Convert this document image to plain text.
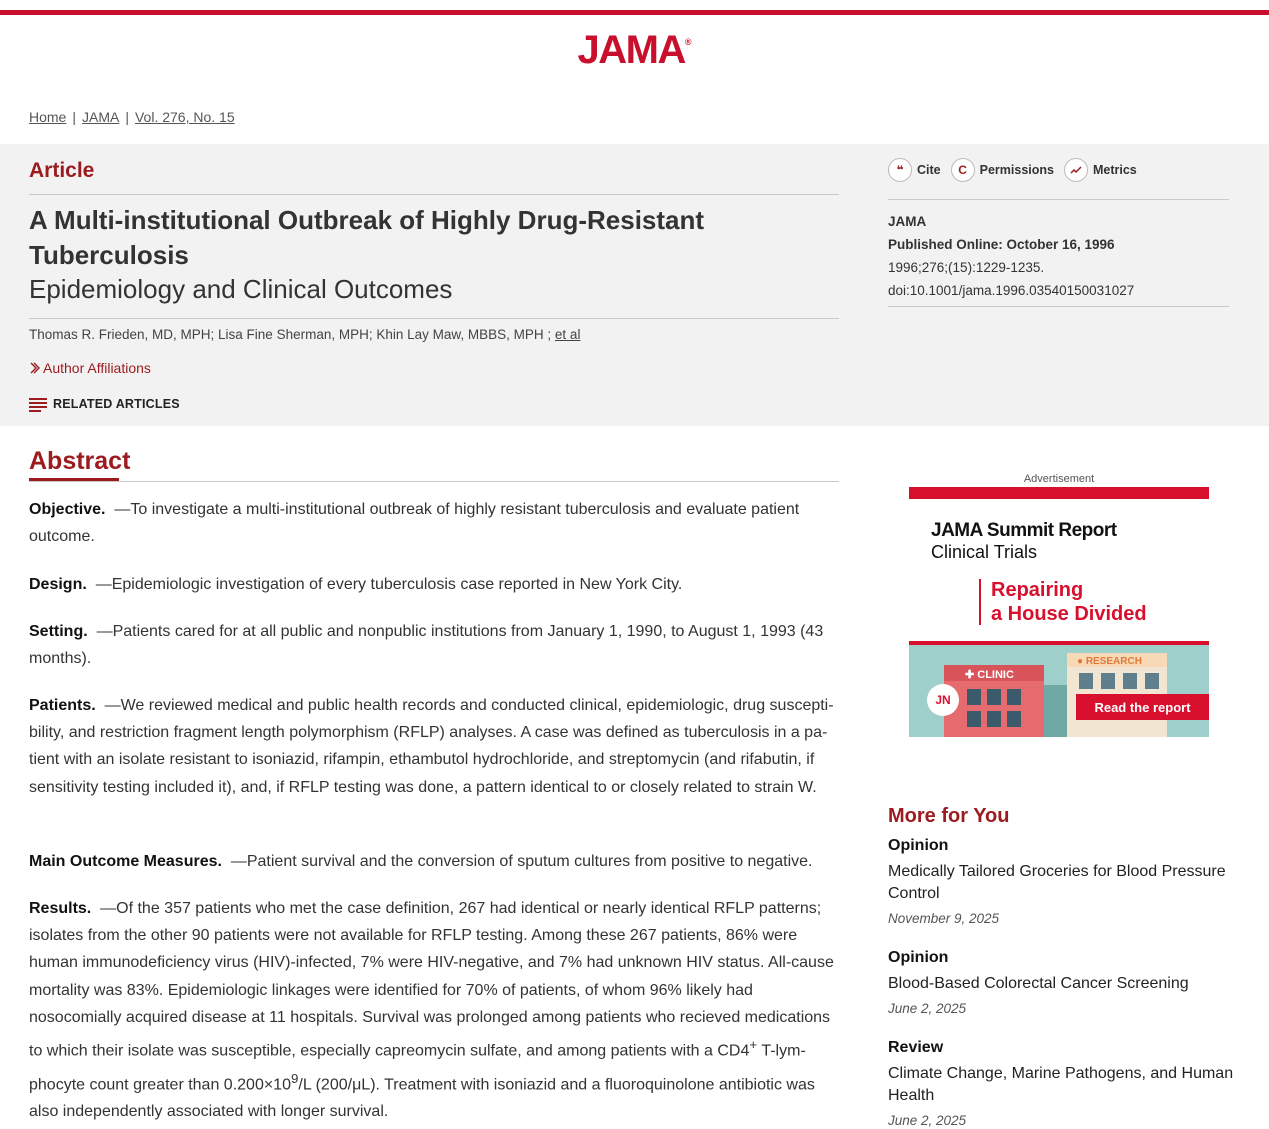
JAMA®
Home | JAMA | Vol. 276, No. 15
Article
A Multi-institutional Outbreak of Highly Drug-Resistant Tuberculosis
Epidemiology and Clinical Outcomes
Thomas R. Frieden, MD, MPH; Lisa Fine Sherman, MPH; Khin Lay Maw, MBBS, MPH ; et al
Author Affiliations
RELATED ARTICLES
❝	Cite	C	Permissions	Metrics
JAMA
Published Online: October 16, 1996
1996;276;(15):1229-1235.
doi:10.1001/jama.1996.03540150031027
Abstract

Objective. —To investigate a multi-institutional outbreak of highly resistant tuberculosis and evaluate patient outcome.

Design. —Epidemiologic investigation of every tuberculosis case reported in New York City.

Setting. —Patients cared for at all public and nonpublic institutions from January 1, 1990, to August 1, 1993 (43 months).

Patients. —We reviewed medical and public health records and conducted clinical, epidemiologic, drug susceptibility, and restriction fragment length polymorphism (RFLP) analyses. A case was defined as tuberculosis in a patient with an isolate resistant to isoniazid, rifampin, ethambutol hydrochloride, and streptomycin (and rifabutin, if sensitivity testing included it), and, if RFLP testing was done, a pattern identical to or closely related to strain W.

Main Outcome Measures. —Patient survival and the conversion of sputum cultures from positive to negative.

Results. —Of the 357 patients who met the case definition, 267 had identical or nearly identical RFLP patterns; isolates from the other 90 patients were not available for RFLP testing. Among these 267 patients, 86% were human immunodeficiency virus (HIV)-infected, 7% were HIV-negative, and 7% had unknown HIV status. All-cause mortality was 83%. Epidemiologic linkages were identified for 70% of patients, of whom 96% likely had nosocomially acquired disease at 11 hospitals. Survival was prolonged among patients who recieved medications to which their isolate was susceptible, especially capreomycin sulfate, and among patients with a CD4+ T-lymphocyte count greater than $0.200\times 10^9/L$ (200/μL). Treatment with isoniazid and a fluoroquinolone antibiotic was also independently associated with longer survival.

Advertisement
JAMA Summit Report
Clinical Trials
Repairing
a House Divided
✚ CLINIC
● RESEARCH
JN	Read the report
More for You
Opinion
Medically Tailored Groceries for Blood Pressure Control
November 9, 2025
Opinion
Blood-Based Colorectal Cancer Screening
June 2, 2025
Review
Climate Change, Marine Pathogens, and Human Health
June 2, 2025
